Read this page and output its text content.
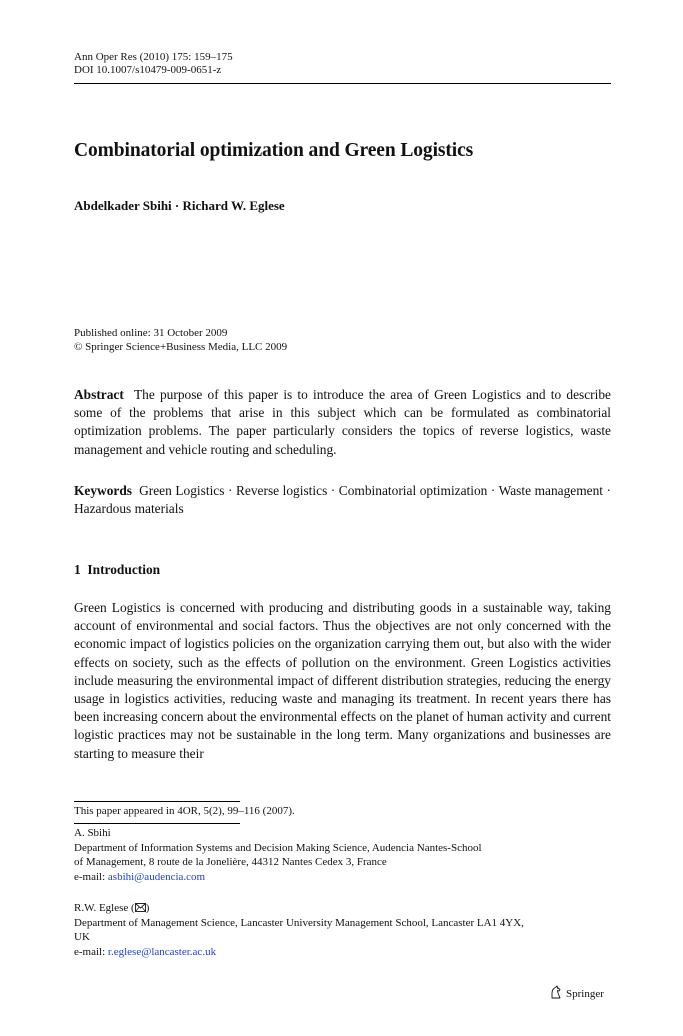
Ann Oper Res (2010) 175: 159–175
DOI 10.1007/s10479-009-0651-z
Combinatorial optimization and Green Logistics
Abdelkader Sbihi · Richard W. Eglese
Published online: 31 October 2009
© Springer Science+Business Media, LLC 2009
Abstract The purpose of this paper is to introduce the area of Green Logistics and to describe some of the problems that arise in this subject which can be formulated as combinatorial optimization problems. The paper particularly considers the topics of reverse logistics, waste management and vehicle routing and scheduling.
Keywords Green Logistics · Reverse logistics · Combinatorial optimization · Waste management · Hazardous materials
1 Introduction
Green Logistics is concerned with producing and distributing goods in a sustainable way, taking account of environmental and social factors. Thus the objectives are not only concerned with the economic impact of logistics policies on the organization carrying them out, but also with the wider effects on society, such as the effects of pollution on the environment. Green Logistics activities include measuring the environmental impact of different distribution strategies, reducing the energy usage in logistics activities, reducing waste and managing its treatment. In recent years there has been increasing concern about the environmental effects on the planet of human activity and current logistic practices may not be sustainable in the long term. Many organizations and businesses are starting to measure their
This paper appeared in 4OR, 5(2), 99–116 (2007).
A. Sbihi
Department of Information Systems and Decision Making Science, Audencia Nantes-School
of Management, 8 route de la Jonelière, 44312 Nantes Cedex 3, France
e-mail: asbihi@audencia.com
R.W. Eglese ( )
Department of Management Science, Lancaster University Management School, Lancaster LA1 4YX,
UK
e-mail: r.eglese@lancaster.ac.uk
Springer
